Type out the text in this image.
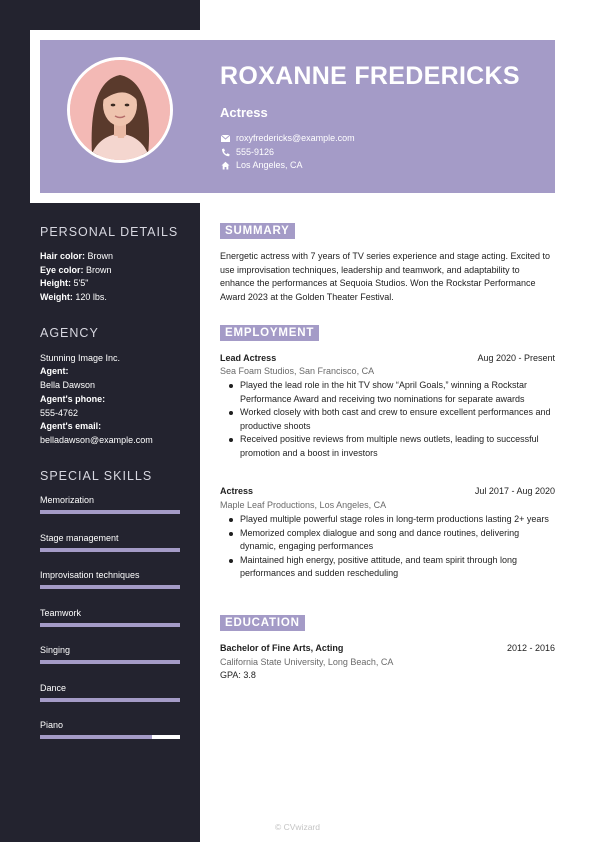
ROXANNE FREDERICKS
Actress
roxyfredericks@example.com
555-9126
Los Angeles, CA
PERSONAL DETAILS
Hair color: Brown
Eye color: Brown
Height: 5'5"
Weight: 120 lbs.
AGENCY
Stunning Image Inc.
Agent:
Bella Dawson
Agent's phone:
555-4762
Agent's email:
belladawson@example.com
SPECIAL SKILLS
Memorization
Stage management
Improvisation techniques
Teamwork
Singing
Dance
Piano
SUMMARY
Energetic actress with 7 years of TV series experience and stage acting. Excited to use improvisation techniques, leadership and teamwork, and adaptability to enhance the performances at Sequoia Studios. Won the Rockstar Performance Award 2023 at the Golden Theater Festival.
EMPLOYMENT
Lead Actress	Aug 2020 - Present
Sea Foam Studios, San Francisco, CA
Played the lead role in the hit TV show “April Goals,” winning a Rockstar Performance Award and receiving two nominations for separate awards
Worked closely with both cast and crew to ensure excellent performances and productive shoots
Received positive reviews from multiple news outlets, leading to successful promotion and a boost in investors
Actress	Jul 2017 - Aug 2020
Maple Leaf Productions, Los Angeles, CA
Played multiple powerful stage roles in long-term productions lasting 2+ years
Memorized complex dialogue and song and dance routines, delivering dynamic, engaging performances
Maintained high energy, positive attitude, and team spirit through long performances and sudden rescheduling
EDUCATION
Bachelor of Fine Arts, Acting	2012 - 2016
California State University, Long Beach, CA
GPA: 3.8
© CVwizard
